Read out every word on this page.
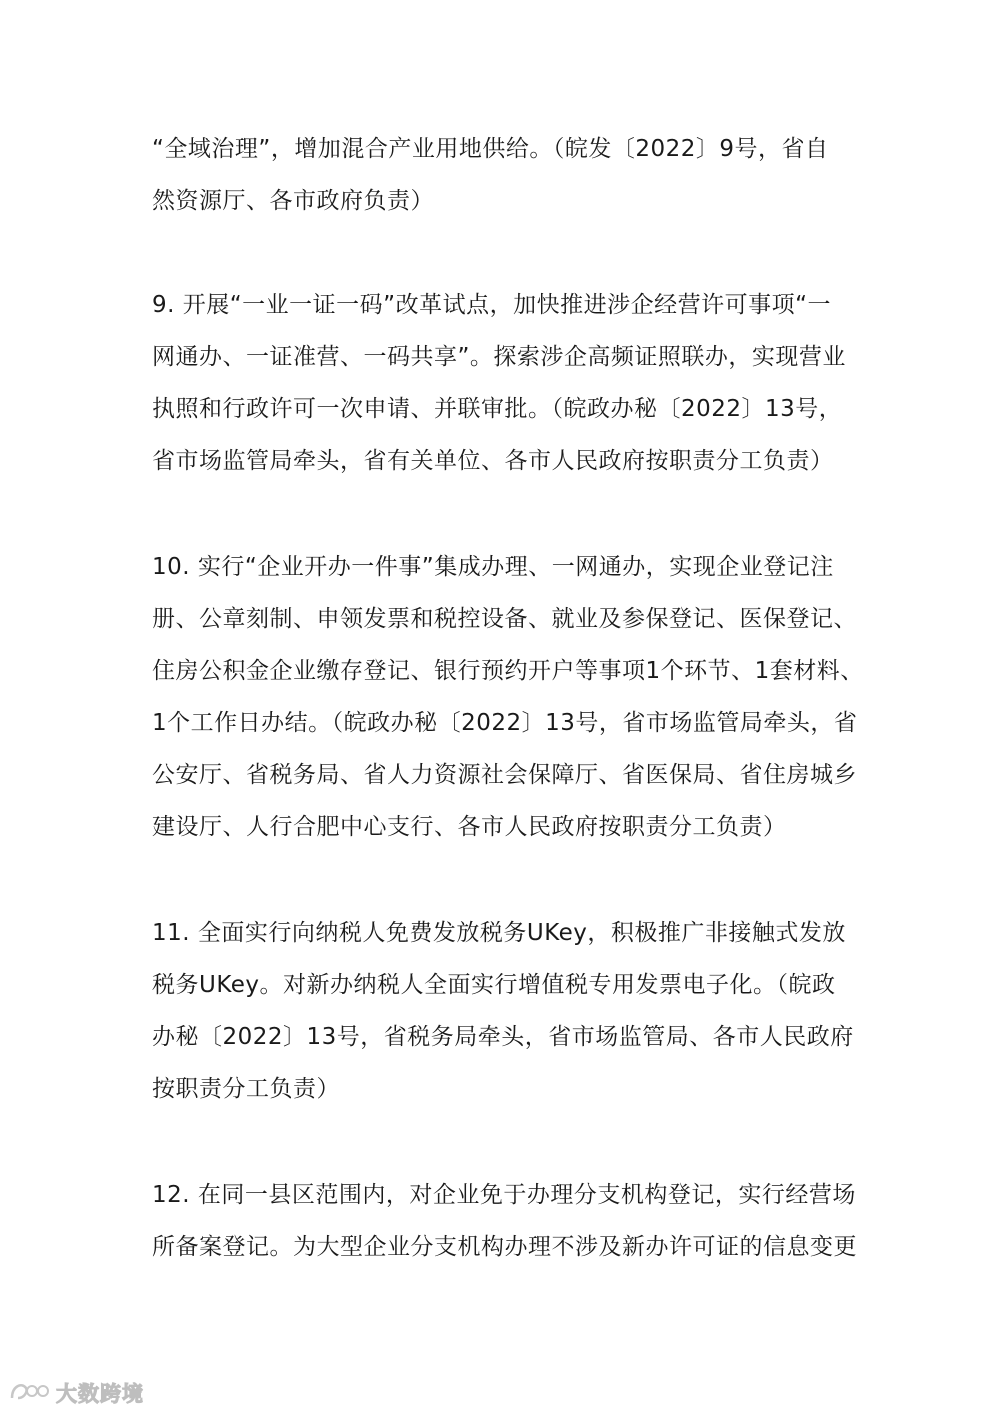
“全域治理”，增加混合产业用地供给。（皖发〔2022〕9号，省自
然资源厅、各市政府负责）
9. 开展“一业一证一码”改革试点，加快推进涉企经营许可事项“一
网通办、一证准营、一码共享”。探索涉企高频证照联办，实现营业
执照和行政许可一次申请、并联审批。（皖政办秘〔2022〕13号，
省市场监管局牵头，省有关单位、各市人民政府按职责分工负责）
10. 实行“企业开办一件事”集成办理、一网通办，实现企业登记注
册、公章刻制、申领发票和税控设备、就业及参保登记、医保登记、
住房公积金企业缴存登记、银行预约开户等事项1个环节、1套材料、
1个工作日办结。（皖政办秘〔2022〕13号，省市场监管局牵头，省
公安厅、省税务局、省人力资源社会保障厅、省医保局、省住房城乡
建设厅、人行合肥中心支行、各市人民政府按职责分工负责）
11. 全面实行向纳税人免费发放税务UKey，积极推广非接触式发放
税务UKey。对新办纳税人全面实行增值税专用发票电子化。（皖政
办秘〔2022〕13号，省税务局牵头，省市场监管局、各市人民政府
按职责分工负责）
12. 在同一县区范围内，对企业免于办理分支机构登记，实行经营场
所备案登记。为大型企业分支机构办理不涉及新办许可证的信息变更
大数跨境
